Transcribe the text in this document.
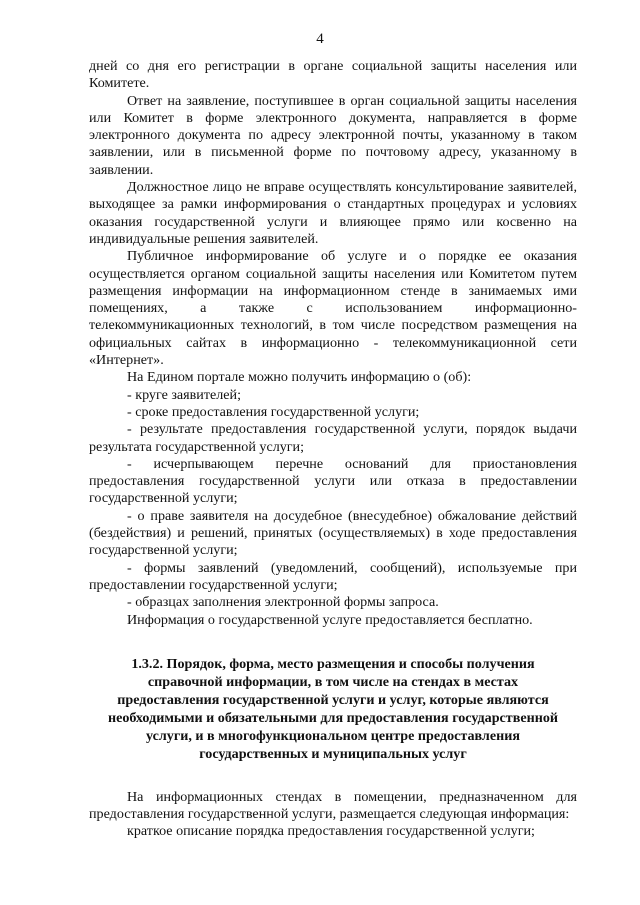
4

дней со дня его регистрации в органе социальной защиты населения или Комитете.

Ответ на заявление, поступившее в орган социальной защиты населения или Комитет в форме электронного документа, направляется в форме электронного документа по адресу электронной почты, указанному в таком заявлении, или в письменной форме по почтовому адресу, указанному в заявлении.

Должностное лицо не вправе осуществлять консультирование заявителей, выходящее за рамки информирования о стандартных процедурах и условиях оказания государственной услуги и влияющее прямо или косвенно на индивидуальные решения заявителей.

Публичное информирование об услуге и о порядке ее оказания осуществляется органом социальной защиты населения или Комитетом путем размещения информации на информационном стенде в занимаемых ими помещениях, а также с использованием информационно-телекоммуникационных технологий, в том числе посредством размещения на официальных сайтах в информационно - телекоммуникационной сети «Интернет».

На Едином портале можно получить информацию о (об):

- круге заявителей;

- сроке предоставления государственной услуги;

- результате предоставления государственной услуги, порядок выдачи результата государственной услуги;

- исчерпывающем перечне оснований для приостановления предоставления государственной услуги или отказа в предоставлении государственной услуги;

- о праве заявителя на досудебное (внесудебное) обжалование действий (бездействия) и решений, принятых (осуществляемых) в ходе предоставления государственной услуги;

- формы заявлений (уведомлений, сообщений), используемые при предоставлении государственной услуги;

- образцах заполнения электронной формы запроса.

Информация о государственной услуге предоставляется бесплатно.

1.3.2. Порядок, форма, место размещения и способы получения справочной информации, в том числе на стендах в местах предоставления государственной услуги и услуг, которые являются необходимыми и обязательными для предоставления государственной услуги, и в многофункциональном центре предоставления государственных и муниципальных услуг

На информационных стендах в помещении, предназначенном для предоставления государственной услуги, размещается следующая информация:

краткое описание порядка предоставления государственной услуги;
